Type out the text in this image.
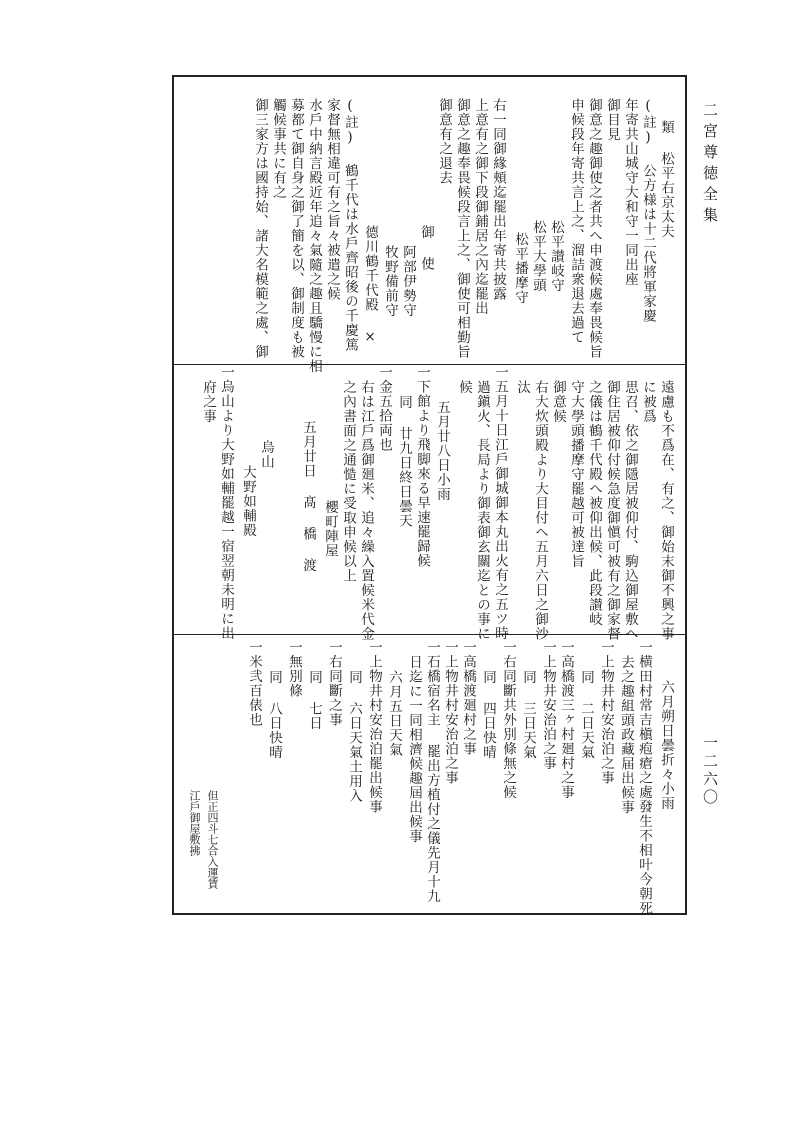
二宮尊徳全集
一二六〇
類 松平右京太夫
(註) 公方様は十二代將軍家慶
年寄共山城守大和守一同出座
御目見
御意之趣御使之者共へ申渡候處奉畏候旨
申候段年寄共言上之、溜詰衆退去過て
松平讃岐守
松平大學頭
松平播摩守
右一同御緣頰迄罷出年寄共披露
上意有之御下段御鋪居之內迄罷出
御意之趣奉畏候段言上之、御使可相勤旨
御意有之退去
御 使
阿部伊勢守
牧野備前守
德川鶴千代殿 ×
(註) 鶴千代は水戶齊昭後の千慶篤
家督無相違可有之旨々被遣之候
水戶中納言殿近年追々氣隨之趣且驕慢に相
募都て御自身之御了簡を以、御制度も被
觸候事共に有之
御三家方は國持始、諸大名模範之處、御
遠慮も不爲在、有之、御始末御不興之事
に被爲
思召、依之御隱居被仰付、駒込御屋敷へ
御住居被仰付候急度御愼可被有之御家督
之儀は鶴千代殿へ被仰出候、此段讃岐
守大學頭播摩守罷越可被達旨
御意候
右大炊頭殿より大目付へ五月六日之御沙
汰
一五月十日江戶御城御本丸出火有之五ツ時
過鎭火、長局より御表御玄關迄との事に
候
五月廿八日小雨
一下館より飛脚來る早速罷歸候
同 廿九日終日曇天
一金五拾両也
右は江戶爲御廻米、追々繰入置候米代金
之內書面之通慥に受取申候以上
櫻町陣屋
五月廿日 髙 橋 渡
烏山
大野如輔殿
一烏山より大野如輔罷越一宿翌朝未明に出
府之事
六月朔日曇折々小雨
一横田村常吉槇疱瘡之處發生不相叶今朝死
去之趣組頭政藏届出候事
一上物井村安治泊之事
同 二日天氣
一高橋渡三ヶ村廻村之事
一上物井安治泊之事
同 三日天氣
一右同斷共外別條無之候
同 四日快晴
一高橋渡廻村之事
一上物井村安治泊之事
一石橋宿名主 罷出方植付之儀先月十九
日迄に一同相濟候趣屆出候事
六月五日天氣
一上物井村安治泊罷出候事
同 六日天氣土用入
一右同斷之事
同 七日
一無別條
同 八日快晴
一米弐百俵也
但正四斗七合入運賃
江戶御屋敷拂
